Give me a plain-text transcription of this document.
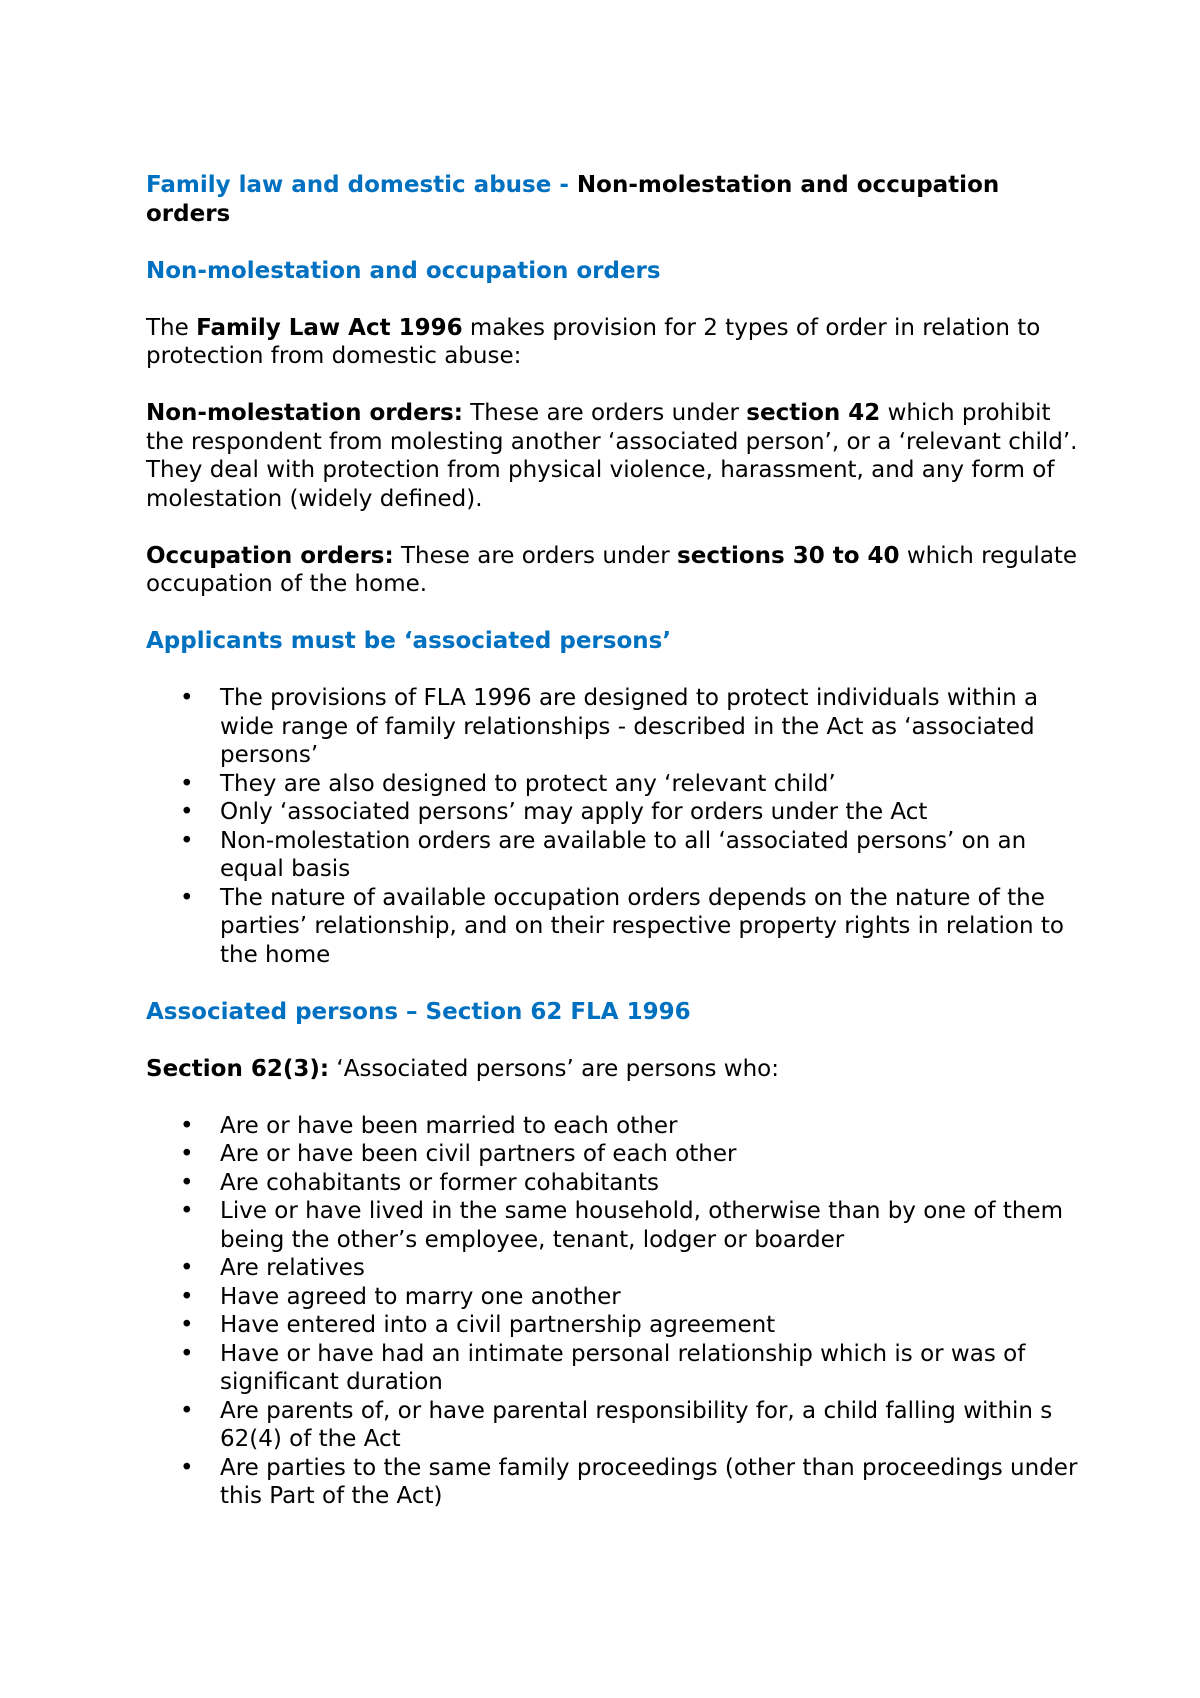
Family law and domestic abuse - Non-molestation and occupation orders

Non-molestation and occupation orders

The Family Law Act 1996 makes provision for 2 types of order in relation to protection from domestic abuse:

Non-molestation orders: These are orders under section 42 which prohibit the respondent from molesting another ‘associated person’, or a ‘relevant child’. They deal with protection from physical violence, harassment, and any form of molestation (widely defined).

Occupation orders: These are orders under sections 30 to 40 which regulate occupation of the home.

Applicants must be ‘associated persons’

• The provisions of FLA 1996 are designed to protect individuals within a wide range of family relationships - described in the Act as ‘associated persons’
• They are also designed to protect any ‘relevant child’
• Only ‘associated persons’ may apply for orders under the Act
• Non-molestation orders are available to all ‘associated persons’ on an equal basis
• The nature of available occupation orders depends on the nature of the parties’ relationship, and on their respective property rights in relation to the home

Associated persons – Section 62 FLA 1996

Section 62(3): ‘Associated persons’ are persons who:

• Are or have been married to each other
• Are or have been civil partners of each other
• Are cohabitants or former cohabitants
• Live or have lived in the same household, otherwise than by one of them being the other’s employee, tenant, lodger or boarder
• Are relatives
• Have agreed to marry one another
• Have entered into a civil partnership agreement
• Have or have had an intimate personal relationship which is or was of significant duration
• Are parents of, or have parental responsibility for, a child falling within s 62(4) of the Act
• Are parties to the same family proceedings (other than proceedings under this Part of the Act)
